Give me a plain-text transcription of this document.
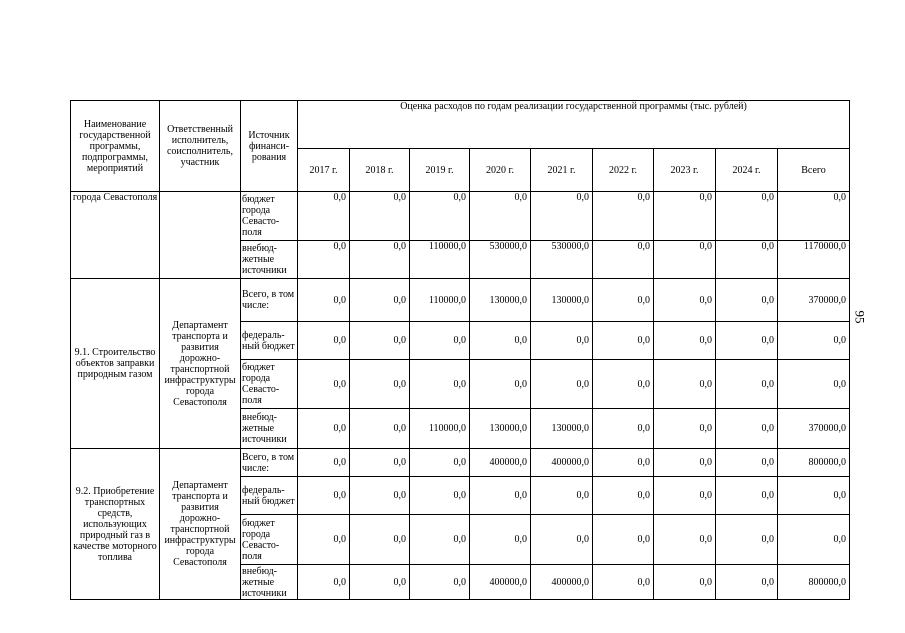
95
Наименование государственной программы, подпрограммы, мероприятий	Ответственный исполнитель, соисполнитель, участник	Источник финанси-рования	Оценка расходов по годам реализации государственной программы (тыс. рублей)								
			2017 г.	2018 г.	2019 г.	2020 г.	2021 г.	2022 г.	2023 г.	2024 г.	Всего
города Севастополя		бюджет города Севасто-поля	0,0	0,0	0,0	0,0	0,0	0,0	0,0	0,0	0,0
		внебюд-жетные источники	0,0	0,0	110000,0	530000,0	530000,0	0,0	0,0	0,0	1170000,0
9.1. Строительство объектов заправки природным газом	Департамент транспорта и развития дорожно-транспортной инфраструктуры города Севастополя	Всего, в том числе:	0,0	0,0	110000,0	130000,0	130000,0	0,0	0,0	0,0	370000,0
		федераль-ный бюджет	0,0	0,0	0,0	0,0	0,0	0,0	0,0	0,0	0,0
		бюджет города Севасто-поля	0,0	0,0	0,0	0,0	0,0	0,0	0,0	0,0	0,0
		внебюд-жетные источники	0,0	0,0	110000,0	130000,0	130000,0	0,0	0,0	0,0	370000,0
9.2. Приобретение транспортных средств, использующих природный газ в качестве моторного топлива	Департамент транспорта и развития дорожно-транспортной инфраструктуры города Севастополя	Всего, в том числе:	0,0	0,0	0,0	400000,0	400000,0	0,0	0,0	0,0	800000,0
		федераль-ный бюджет	0,0	0,0	0,0	0,0	0,0	0,0	0,0	0,0	0,0
		бюджет города Севасто-поля	0,0	0,0	0,0	0,0	0,0	0,0	0,0	0,0	0,0
		внебюд-жетные источники	0,0	0,0	0,0	400000,0	400000,0	0,0	0,0	0,0	800000,0
